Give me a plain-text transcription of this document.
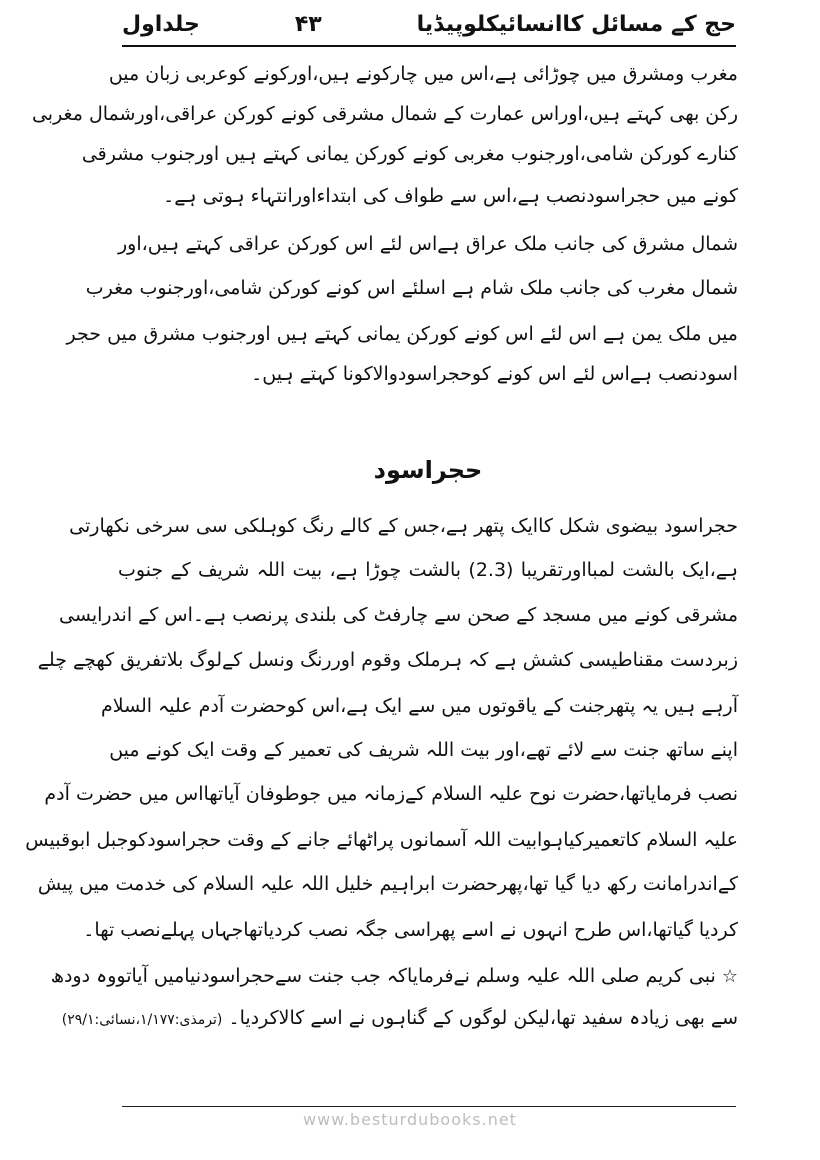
حج کے مسائل کاانسائیکلوپیڈیا
۴۳
جلداول
مغرب ومشرق میں چوڑائی ہے،اس میں چارکونے ہیں،اورکونے کوعربی زبان میں
رکن بھی کہتے ہیں،اوراس عمارت کے شمال مشرقی کونے کورکن عراقی،اورشمال مغربی
کنارے کورکن شامی،اورجنوب مغربی کونے کورکن یمانی کہتے ہیں اورجنوب مشرقی
کونے میں حجراسودنصب ہے،اس سے طواف کی ابتداءاورانتہاء ہوتی ہے۔
شمال مشرق کی جانب ملک عراق ہےاس لئے اس کورکن عراقی کہتے ہیں،اور
شمال مغرب کی جانب ملک شام ہے اسلئے اس کونے کورکن شامی،اورجنوب مغرب
میں ملک یمن ہے اس لئے اس کونے کورکن یمانی کہتے ہیں اورجنوب مشرق میں حجر
اسودنصب ہےاس لئے اس کونے کوحجراسودوالاکونا کہتے ہیں۔
حجراسود
حجراسود بیضوی شکل کاایک پتھر ہے،جس کے کالے رنگ کوہلکی سی سرخی نکھارتی
ہے،ایک بالشت لمبااورتقریبا (2.3) بالشت چوڑا ہے، بیت اللہ شریف کے جنوب
مشرقی کونے میں مسجد کے صحن سے چارفٹ کی بلندی پرنصب ہے۔اس کے اندرایسی
زبردست مقناطیسی کشش ہے کہ ہرملک وقوم اوررنگ ونسل کےلوگ بلاتفریق کھچے چلے
آرہے ہیں یہ پتھرجنت کے یاقوتوں میں سے ایک ہے،اس کوحضرت آدم علیہ السلام
اپنے ساتھ جنت سے لائے تھے،اور بیت اللہ شریف کی تعمیر کے وقت ایک کونے میں
نصب فرمایاتھا،حضرت نوح علیہ السلام کےزمانہ میں جوطوفان آیاتھااس میں حضرت آدم
علیہ السلام کاتعمیرکیاہوابیت اللہ آسمانوں پراٹھائے جانے کے وقت حجراسودکوجبل ابوقبیس
کےاندرامانت رکھ دیا گیا تھا،پھرحضرت ابراہیم خلیل اللہ علیہ السلام کی خدمت میں پیش
کردیا گیاتھا،اس طرح انہوں نے اسے پھراسی جگہ نصب کردیاتھاجہاں پہلےنصب تھا۔
☆ نبی کریم صلی اللہ علیہ وسلم نےفرمایاکہ جب جنت سےحجراسودنیامیں آیاتووہ دودھ
سے بھی زیادہ سفید تھا،لیکن لوگوں کے گناہوں نے اسے کالاکردیا۔ (ترمذی:۱/۱۷۷،نسائی:۲۹/۱)
www.besturdubooks.net
